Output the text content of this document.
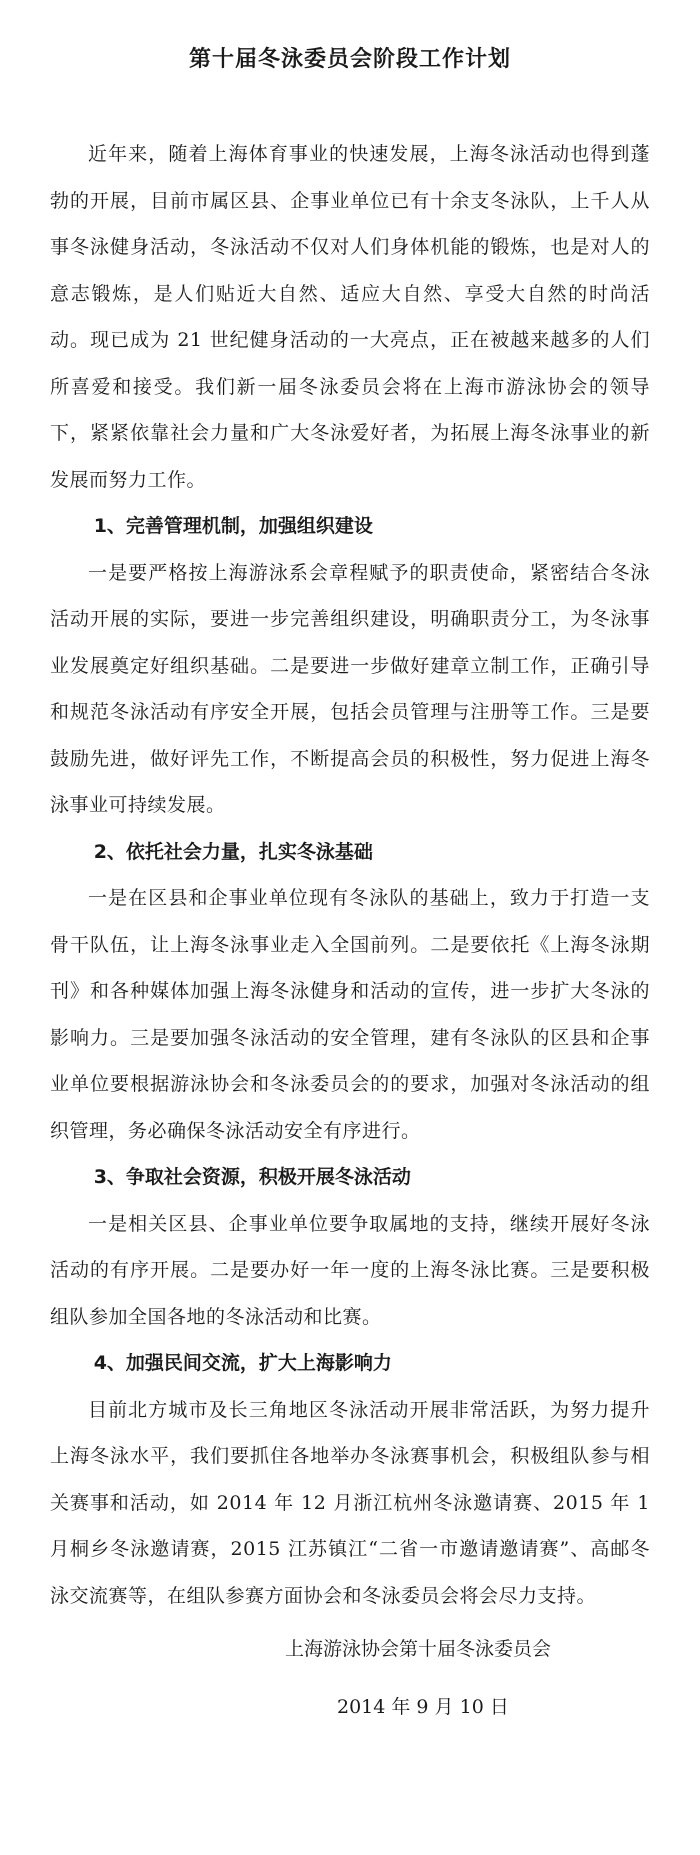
第十届冬泳委员会阶段工作计划

近年来，随着上海体育事业的快速发展，上海冬泳活动也得到蓬勃的开展，目前市属区县、企事业单位已有十余支冬泳队，上千人从事冬泳健身活动，冬泳活动不仅对人们身体机能的锻炼，也是对人的意志锻炼，是人们贴近大自然、适应大自然、享受大自然的时尚活动。现已成为 21 世纪健身活动的一大亮点，正在被越来越多的人们所喜爱和接受。我们新一届冬泳委员会将在上海市游泳协会的领导下，紧紧依靠社会力量和广大冬泳爱好者，为拓展上海冬泳事业的新发展而努力工作。

1、完善管理机制，加强组织建设

一是要严格按上海游泳系会章程赋予的职责使命，紧密结合冬泳活动开展的实际，要进一步完善组织建设，明确职责分工，为冬泳事业发展奠定好组织基础。二是要进一步做好建章立制工作，正确引导和规范冬泳活动有序安全开展，包括会员管理与注册等工作。三是要鼓励先进，做好评先工作，不断提高会员的积极性，努力促进上海冬泳事业可持续发展。

2、依托社会力量，扎实冬泳基础

一是在区县和企事业单位现有冬泳队的基础上，致力于打造一支骨干队伍，让上海冬泳事业走入全国前列。二是要依托《上海冬泳期刊》和各种媒体加强上海冬泳健身和活动的宣传，进一步扩大冬泳的影响力。三是要加强冬泳活动的安全管理，建有冬泳队的区县和企事业单位要根据游泳协会和冬泳委员会的的要求，加强对冬泳活动的组织管理，务必确保冬泳活动安全有序进行。

3、争取社会资源，积极开展冬泳活动

一是相关区县、企事业单位要争取属地的支持，继续开展好冬泳活动的有序开展。二是要办好一年一度的上海冬泳比赛。三是要积极组队参加全国各地的冬泳活动和比赛。

4、加强民间交流，扩大上海影响力

目前北方城市及长三角地区冬泳活动开展非常活跃，为努力提升上海冬泳水平，我们要抓住各地举办冬泳赛事机会，积极组队参与相关赛事和活动，如 2014 年 12 月浙江杭州冬泳邀请赛、2015 年 1 月桐乡冬泳邀请赛，2015 江苏镇江“二省一市邀请邀请赛”、高邮冬泳交流赛等，在组队参赛方面协会和冬泳委员会将会尽力支持。

上海游泳协会第十届冬泳委员会
2014 年 9 月 10 日
